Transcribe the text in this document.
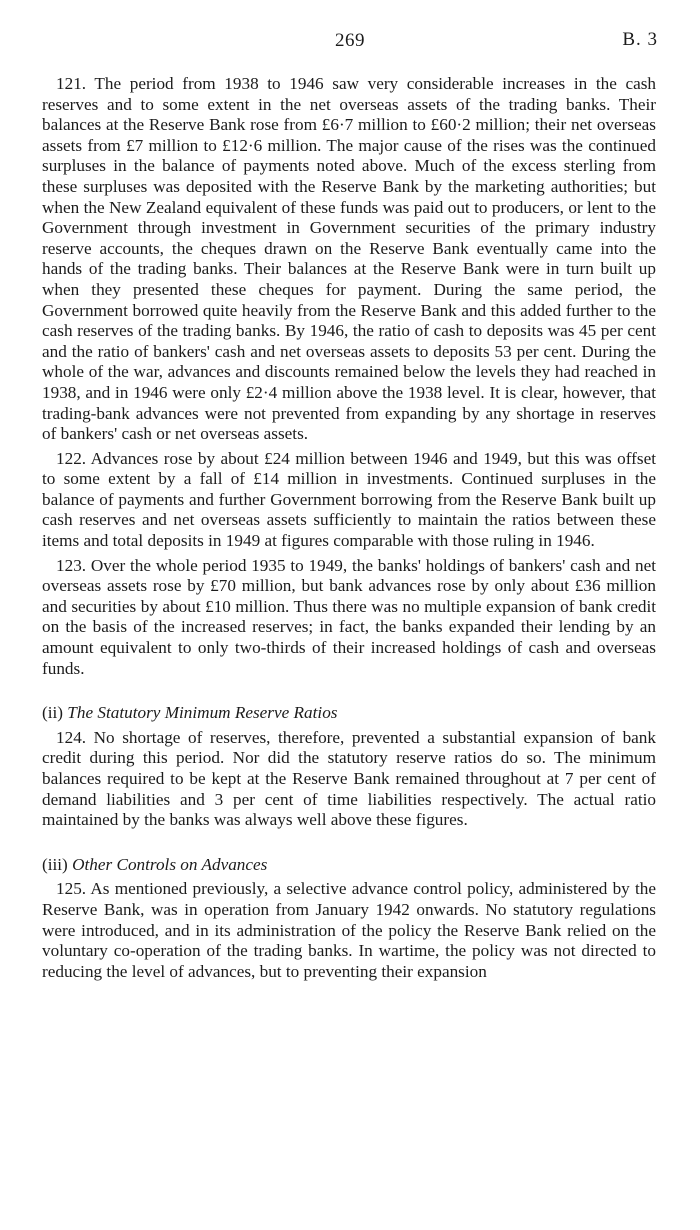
269	B. 3

121. The period from 1938 to 1946 saw very considerable increases in the cash reserves and to some extent in the net overseas assets of the trading banks. Their balances at the Reserve Bank rose from £6·7 million to £60·2 million; their net overseas assets from £7 million to £12·6 million. The major cause of the rises was the continued surpluses in the balance of payments noted above. Much of the excess sterling from these surpluses was deposited with the Reserve Bank by the marketing authorities; but when the New Zealand equivalent of these funds was paid out to producers, or lent to the Government through investment in Government securities of the primary industry reserve accounts, the cheques drawn on the Reserve Bank eventually came into the hands of the trading banks. Their balances at the Reserve Bank were in turn built up when they presented these cheques for payment. During the same period, the Government borrowed quite heavily from the Reserve Bank and this added further to the cash reserves of the trading banks. By 1946, the ratio of cash to deposits was 45 per cent and the ratio of bankers' cash and net overseas assets to deposits 53 per cent. During the whole of the war, advances and discounts remained below the levels they had reached in 1938, and in 1946 were only £2·4 million above the 1938 level. It is clear, however, that trading-bank advances were not prevented from expanding by any shortage in reserves of bankers' cash or net overseas assets.

122. Advances rose by about £24 million between 1946 and 1949, but this was offset to some extent by a fall of £14 million in investments. Continued surpluses in the balance of payments and further Government borrowing from the Reserve Bank built up cash reserves and net overseas assets sufficiently to maintain the ratios between these items and total deposits in 1949 at figures comparable with those ruling in 1946.

123. Over the whole period 1935 to 1949, the banks' holdings of bankers' cash and net overseas assets rose by £70 million, but bank advances rose by only about £36 million and securities by about £10 million. Thus there was no multiple expansion of bank credit on the basis of the increased reserves; in fact, the banks expanded their lending by an amount equivalent to only two-thirds of their increased holdings of cash and overseas funds.

(ii) The Statutory Minimum Reserve Ratios

124. No shortage of reserves, therefore, prevented a substantial expansion of bank credit during this period. Nor did the statutory reserve ratios do so. The minimum balances required to be kept at the Reserve Bank remained throughout at 7 per cent of demand liabilities and 3 per cent of time liabilities respectively. The actual ratio maintained by the banks was always well above these figures.

(iii) Other Controls on Advances

125. As mentioned previously, a selective advance control policy, administered by the Reserve Bank, was in operation from January 1942 onwards. No statutory regulations were introduced, and in its administration of the policy the Reserve Bank relied on the voluntary co-operation of the trading banks. In wartime, the policy was not directed to reducing the level of advances, but to preventing their expansion
